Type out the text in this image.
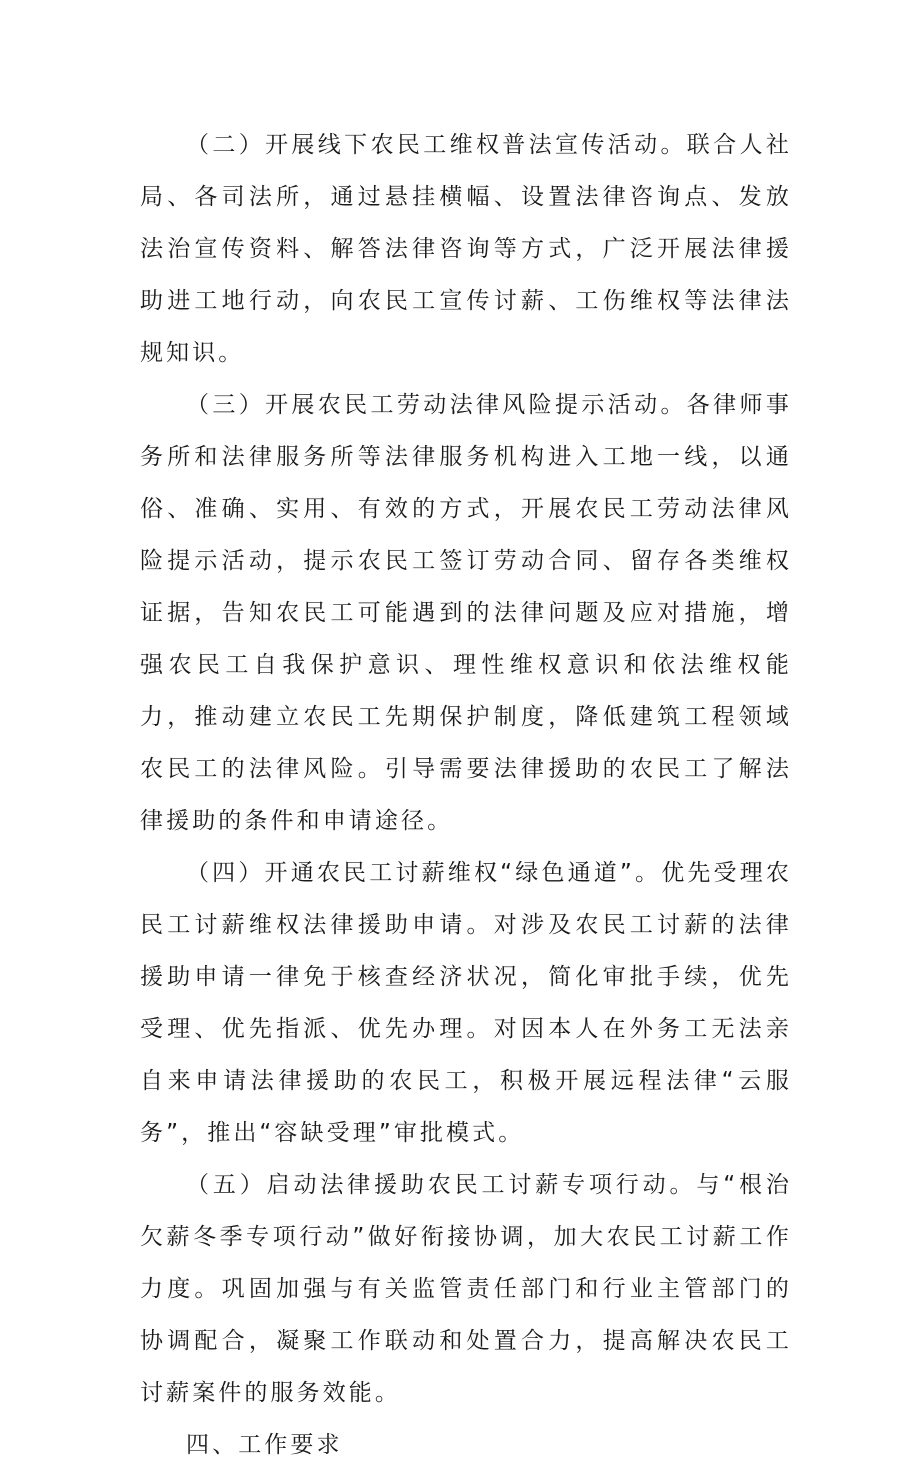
（二）开展线下农民工维权普法宣传活动。联合人社局、各司法所，通过悬挂横幅、设置法律咨询点、发放法治宣传资料、解答法律咨询等方式，广泛开展法律援助进工地行动，向农民工宣传讨薪、工伤维权等法律法规知识。

（三）开展农民工劳动法律风险提示活动。各律师事务所和法律服务所等法律服务机构进入工地一线，以通俗、准确、实用、有效的方式，开展农民工劳动法律风险提示活动，提示农民工签订劳动合同、留存各类维权证据，告知农民工可能遇到的法律问题及应对措施，增强农民工自我保护意识、理性维权意识和依法维权能力，推动建立农民工先期保护制度，降低建筑工程领域农民工的法律风险。引导需要法律援助的农民工了解法律援助的条件和申请途径。

（四）开通农民工讨薪维权“绿色通道”。优先受理农民工讨薪维权法律援助申请。对涉及农民工讨薪的法律援助申请一律免于核查经济状况，简化审批手续，优先受理、优先指派、优先办理。对因本人在外务工无法亲自来申请法律援助的农民工，积极开展远程法律“云服务”，推出“容缺受理”审批模式。

（五）启动法律援助农民工讨薪专项行动。与“根治欠薪冬季专项行动”做好衔接协调，加大农民工讨薪工作力度。巩固加强与有关监管责任部门和行业主管部门的协调配合，凝聚工作联动和处置合力，提高解决农民工讨薪案件的服务效能。

四、工作要求
